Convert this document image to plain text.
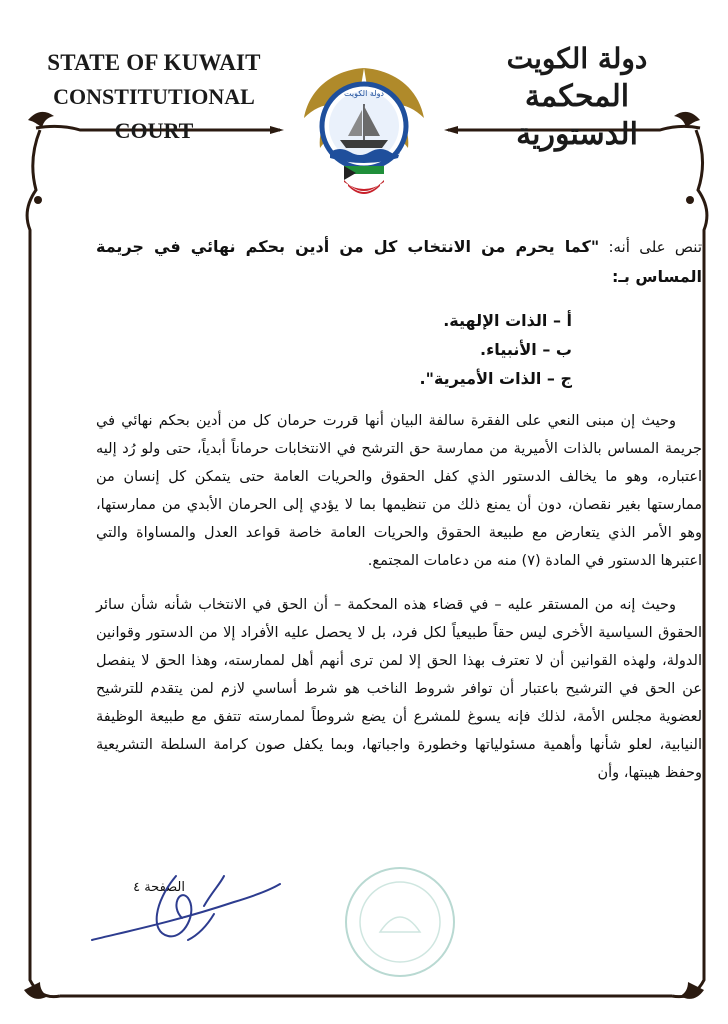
STATE OF KUWAIT
CONSTITUTIONAL COURT
دولة الكويت
المحكمة الدستورية
دولة الكويت

تنص على أنه: "كما يحرم من الانتخاب كل من أدين بحكم نهائي في جريمة المساس بـ:

أ – الذات الإلهية.
ب – الأنبياء.
ج – الذات الأميرية".

وحيث إن مبنى النعي على الفقرة سالفة البيان أنها قررت حرمان كل من أدين بحكم نهائي في جريمة المساس بالذات الأميرية من ممارسة حق الترشح في الانتخابات حرماناً أبدياً، حتى ولو رُد إليه اعتباره، وهو ما يخالف الدستور الذي كفل الحقوق والحريات العامة حتى يتمكن كل إنسان من ممارستها بغير نقصان، دون أن يمنع ذلك من تنظيمها بما لا يؤدي إلى الحرمان الأبدي من ممارستها، وهو الأمر الذي يتعارض مع طبيعة الحقوق والحريات العامة خاصة قواعد العدل والمساواة والتي اعتبرها الدستور في المادة (٧) منه من دعامات المجتمع.

وحيث إنه من المستقر عليه – في قضاء هذه المحكمة – أن الحق في الانتخاب شأنه شأن سائر الحقوق السياسية الأخرى ليس حقاً طبيعياً لكل فرد، بل لا يحصل عليه الأفراد إلا من الدستور وقوانين الدولة، ولهذه القوانين أن لا تعترف بهذا الحق إلا لمن ترى أنهم أهل لممارسته، وهذا الحق لا ينفصل عن الحق في الترشيح باعتبار أن توافر شروط الناخب هو شرط أساسي لازم لمن يتقدم للترشيح لعضوية مجلس الأمة، لذلك فإنه يسوغ للمشرع أن يضع شروطاً لممارسته تتفق مع طبيعة الوظيفة النيابية، لعلو شأنها وأهمية مسئولياتها وخطورة واجباتها، وبما يكفل صون كرامة السلطة التشريعية وحفظ هيبتها، وأن

الصفحة ٤
